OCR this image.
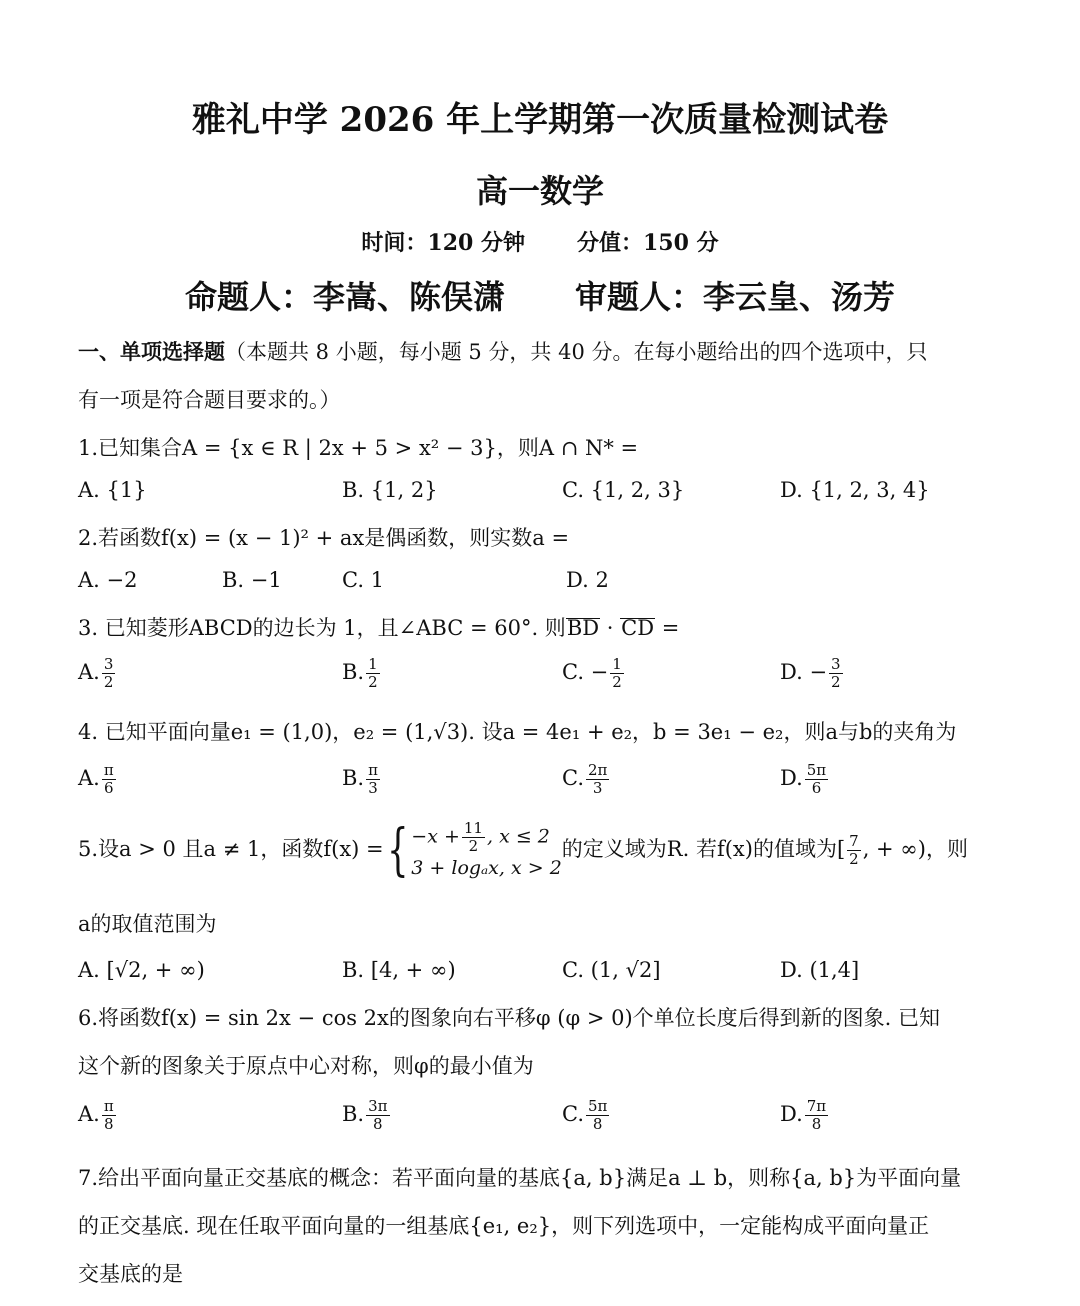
雅礼中学 2026 年上学期第一次质量检测试卷
高一数学
时间：120 分钟 分值：150 分
命题人：李嵩、陈俣潇 审题人：李云皇、汤芳
一、单项选择题（本题共 8 小题，每小题 5 分，共 40 分。在每小题给出的四个选项中，只
有一项是符合题目要求的。）
1.已知集合A = {x ∈ R | 2x + 5 > x² − 3}，则A ∩ N* =
A. {1}	B. {1, 2}	C. {1, 2, 3}	D. {1, 2, 3, 4}
2.若函数f(x) = (x − 1)² + ax是偶函数，则实数a =
A. −2	B. −1	C. 1	D. 2
3. 已知菱形ABCD的边长为 1，且∠ABC = 60°. 则BD · CD =
A. $\frac{3}{2}$	B. $\frac{1}{2}$	C. − $\frac{1}{2}$	D. − $\frac{3}{2}$
4. 已知平面向量e₁ = (1,0)，e₂ = (1,√3). 设a = 4e₁ + e₂，b = 3e₁ − e₂，则a与b的夹角为
A. $\frac{\pi}{6}$	B. $\frac{\pi}{3}$	C. $\frac{2\pi}{3}$	D. $\frac{5\pi}{6}$
5.设a > 0 且a ≠ 1，函数f(x) ={ $-x + \frac{11}{2}$ , x ≤ 2
3 + logₐx, x > 2
的定义域为R. 若f(x)的值域为[ $\frac{7}{2}$ , + ∞)，则
a的取值范围为
A. [√2, + ∞)	B. [4, + ∞)	C. (1, √2]	D. (1,4]
6.将函数f(x) = sin 2x − cos 2x的图象向右平移φ (φ > 0)个单位长度后得到新的图象. 已知
这个新的图象关于原点中心对称，则φ的最小值为
A. $\frac{\pi}{8}$	B. $\frac{3\pi}{8}$	C. $\frac{5\pi}{8}$	D. $\frac{7\pi}{8}$
7.给出平面向量正交基底的概念：若平面向量的基底{a, b}满足a ⊥ b，则称{a, b}为平面向量
的正交基底. 现在任取平面向量的一组基底{e₁, e₂}，则下列选项中，一定能构成平面向量正
交基底的是
